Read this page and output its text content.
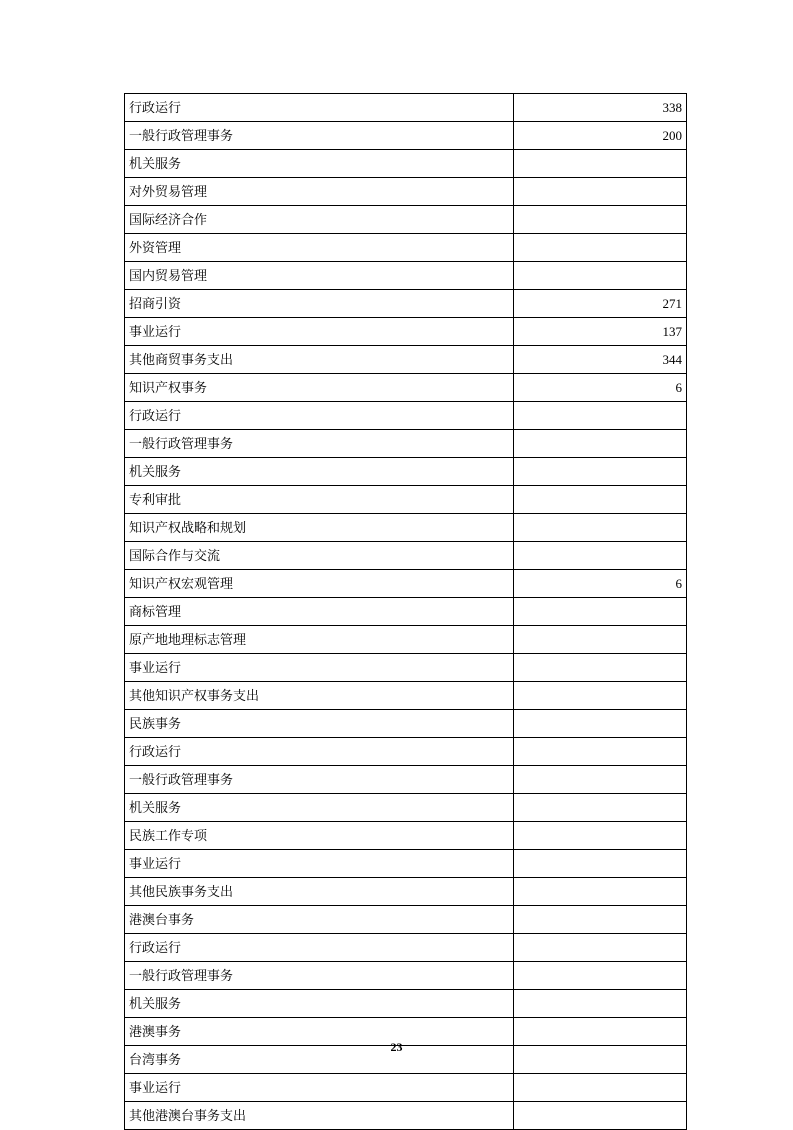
行政运行	338
一般行政管理事务	200
机关服务	
对外贸易管理	
国际经济合作	
外资管理	
国内贸易管理	
招商引资	271
事业运行	137
其他商贸事务支出	344
知识产权事务	6
行政运行	
一般行政管理事务	
机关服务	
专利审批	
知识产权战略和规划	
国际合作与交流	
知识产权宏观管理	6
商标管理	
原产地地理标志管理	
事业运行	
其他知识产权事务支出	
民族事务	
行政运行	
一般行政管理事务	
机关服务	
民族工作专项	
事业运行	
其他民族事务支出	
港澳台事务	
行政运行	
一般行政管理事务	
机关服务	
港澳事务	
台湾事务	
事业运行	
其他港澳台事务支出	
23
